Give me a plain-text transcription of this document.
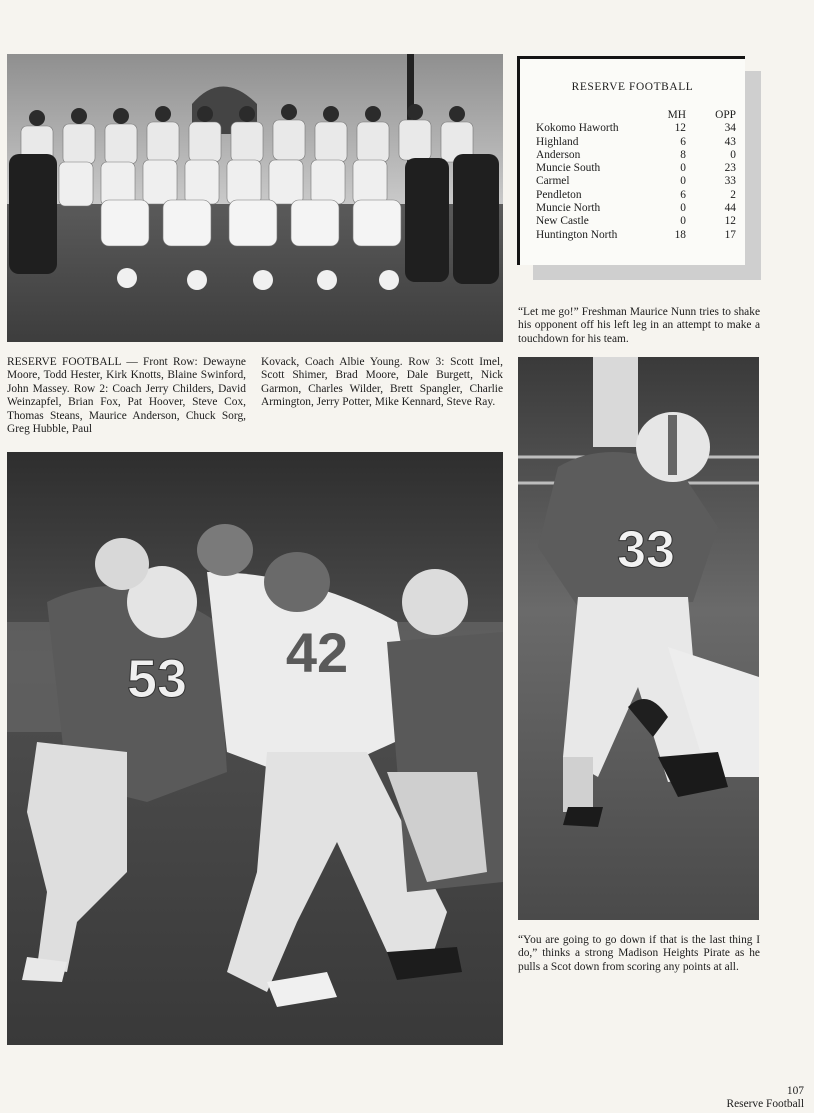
RESERVE FOOTBALL
	MH	OPP
Kokomo Haworth	12	34
Highland	6	43
Anderson	8	0
Muncie South	0	23
Carmel	0	33
Pendleton	6	2
Muncie North	0	44
New Castle	0	12
Huntington North	18	17

“Let me go!” Freshman Maurice Nunn tries to shake his opponent off his left leg in an attempt to make a touchdown for his team.

RESERVE FOOTBALL — Front Row: Dewayne Moore, Todd Hester, Kirk Knotts, Blaine Swinford, John Massey. Row 2: Coach Jerry Childers, David Weinzapfel, Brian Fox, Pat Hoover, Steve Cox, Thomas Steans, Maurice Anderson, Chuck Sorg, Greg Hubble, Paul

Kovack, Coach Albie Young. Row 3: Scott Imel, Scott Shimer, Brad Moore, Dale Burgett, Nick Garmon, Charles Wilder, Brett Spangler, Charlie Armington, Jerry Potter, Mike Kennard, Steve Ray.

33
53 42

“You are going to go down if that is the last thing I do,” thinks a strong Madison Heights Pirate as he pulls a Scot down from scoring any points at all.

107
Reserve Football
